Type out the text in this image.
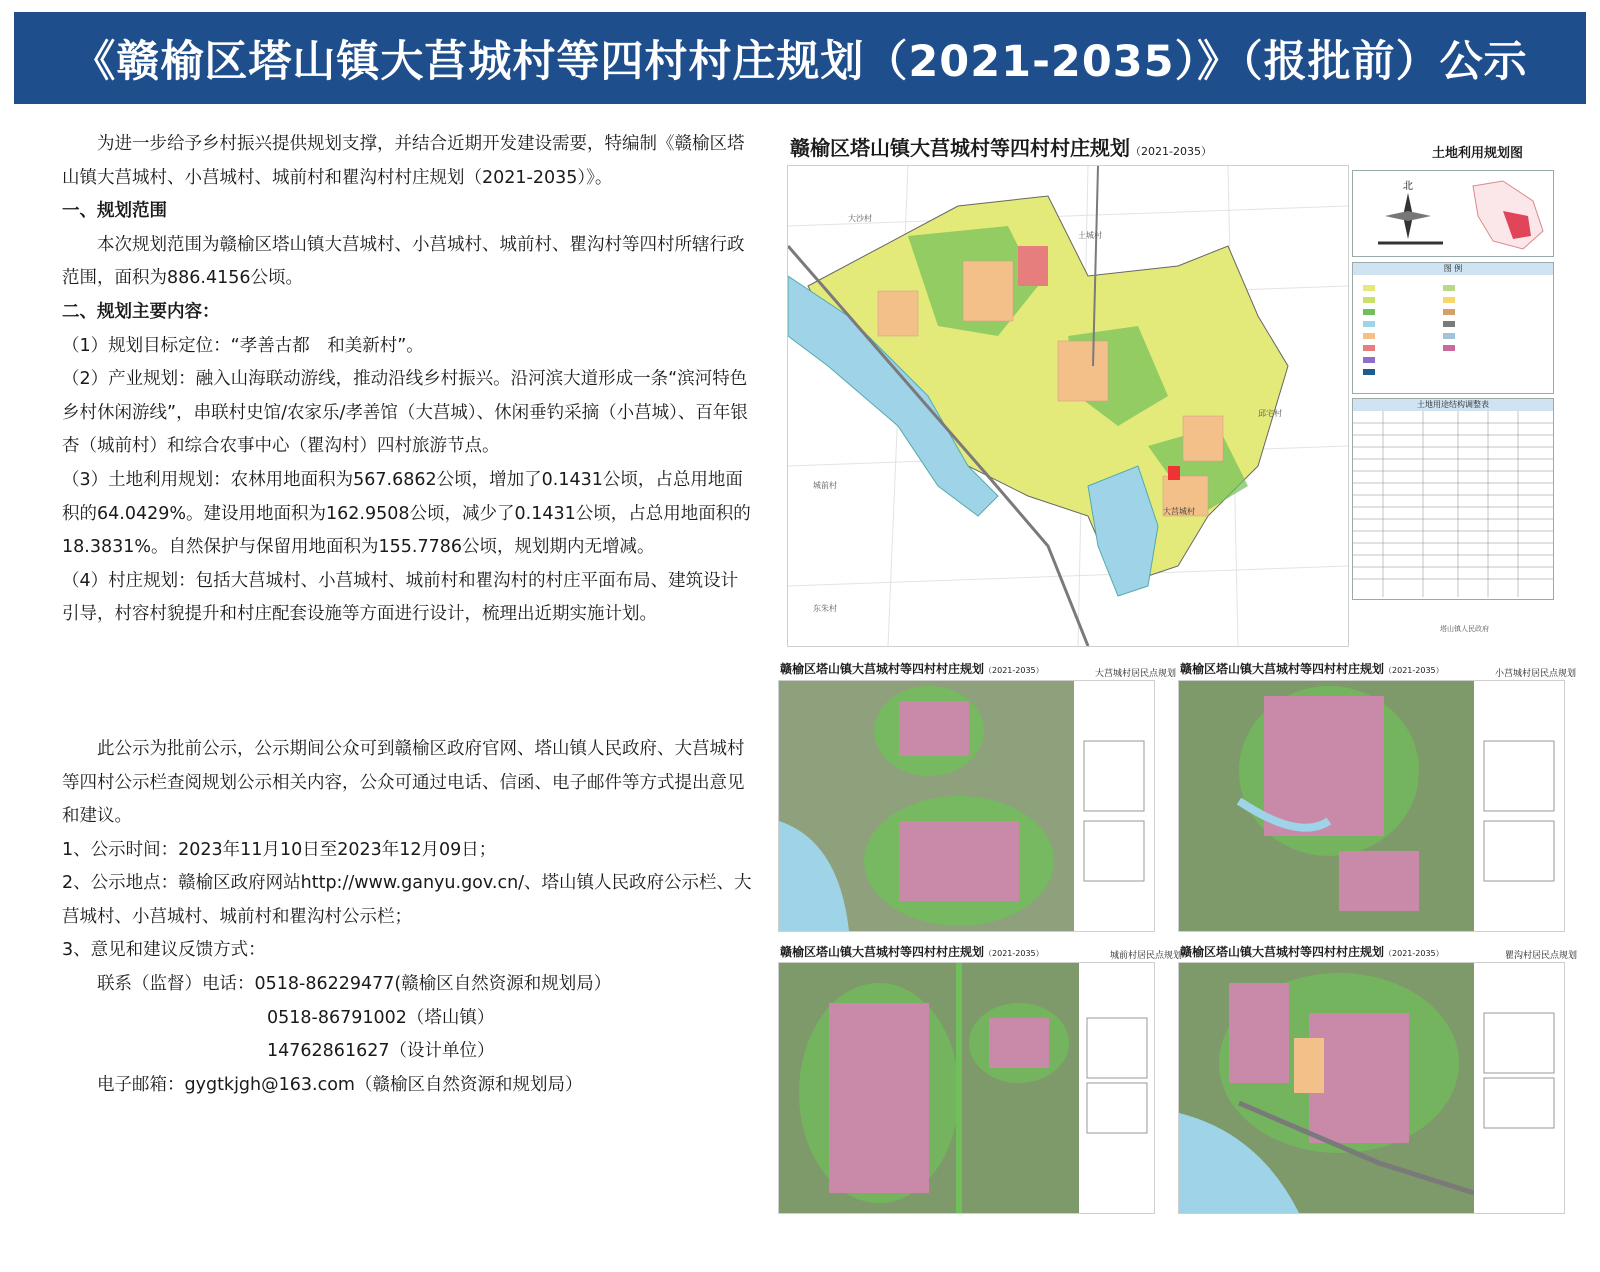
《赣榆区塔山镇大莒城村等四村村庄规划（2021-2035）》（报批前）公示

为进一步给予乡村振兴提供规划支撑，并结合近期开发建设需要，特编制《赣榆区塔山镇大莒城村、小莒城村、城前村和瞿沟村村庄规划（2021-2035）》。

一、规划范围

本次规划范围为赣榆区塔山镇大莒城村、小莒城村、城前村、瞿沟村等四村所辖行政范围，面积为886.4156公顷。

二、规划主要内容：

（1）规划目标定位：“孝善古都　和美新村”。

（2）产业规划：融入山海联动游线，推动沿线乡村振兴。沿河滨大道形成一条“滨河特色乡村休闲游线”，串联村史馆/农家乐/孝善馆（大莒城）、休闲垂钓采摘（小莒城）、百年银杏（城前村）和综合农事中心（瞿沟村）四村旅游节点。

（3）土地利用规划：农林用地面积为567.6862公顷，增加了0.1431公顷，占总用地面积的64.0429%。建设用地面积为162.9508公顷，减少了0.1431公顷，占总用地面积的18.3831%。自然保护与保留用地面积为155.7786公顷，规划期内无增减。

（4）村庄规划：包括大莒城村、小莒城村、城前村和瞿沟村的村庄平面布局、建筑设计引导，村容村貌提升和村庄配套设施等方面进行设计，梳理出近期实施计划。

此公示为批前公示，公示期间公众可到赣榆区政府官网、塔山镇人民政府、大莒城村等四村公示栏查阅规划公示相关内容，公众可通过电话、信函、电子邮件等方式提出意见和建议。

1、公示时间：2023年11月10日至2023年12月09日；

2、公示地点：赣榆区政府网站http://www.ganyu.gov.cn/、塔山镇人民政府公示栏、大莒城村、小莒城村、城前村和瞿沟村公示栏；

3、意见和建议反馈方式：

联系（监督）电话：0518-86229477(赣榆区自然资源和规划局）

0518-86791002（塔山镇）

14762861627（设计单位）

电子邮箱：gygtkjgh@163.com（赣榆区自然资源和规划局）

赣榆区塔山镇大莒城村等四村村庄规划（2021-2035）	土地利用规划图
大沙村
土城村
城前村
东朱村
邱宅村
大莒城村
北
图 例
土地用途结构调整表
塔山镇人民政府
赣榆区塔山镇大莒城村等四村村庄规划（2021-2035）	大莒城村居民点规划 赣榆区塔山镇大莒城村等四村村庄规划（2021-2035）	小莒城村居民点规划
赣榆区塔山镇大莒城村等四村村庄规划（2021-2035）	城前村居民点规划
赣榆区塔山镇大莒城村等四村村庄规划（2021-2035）	瞿沟村居民点规划
